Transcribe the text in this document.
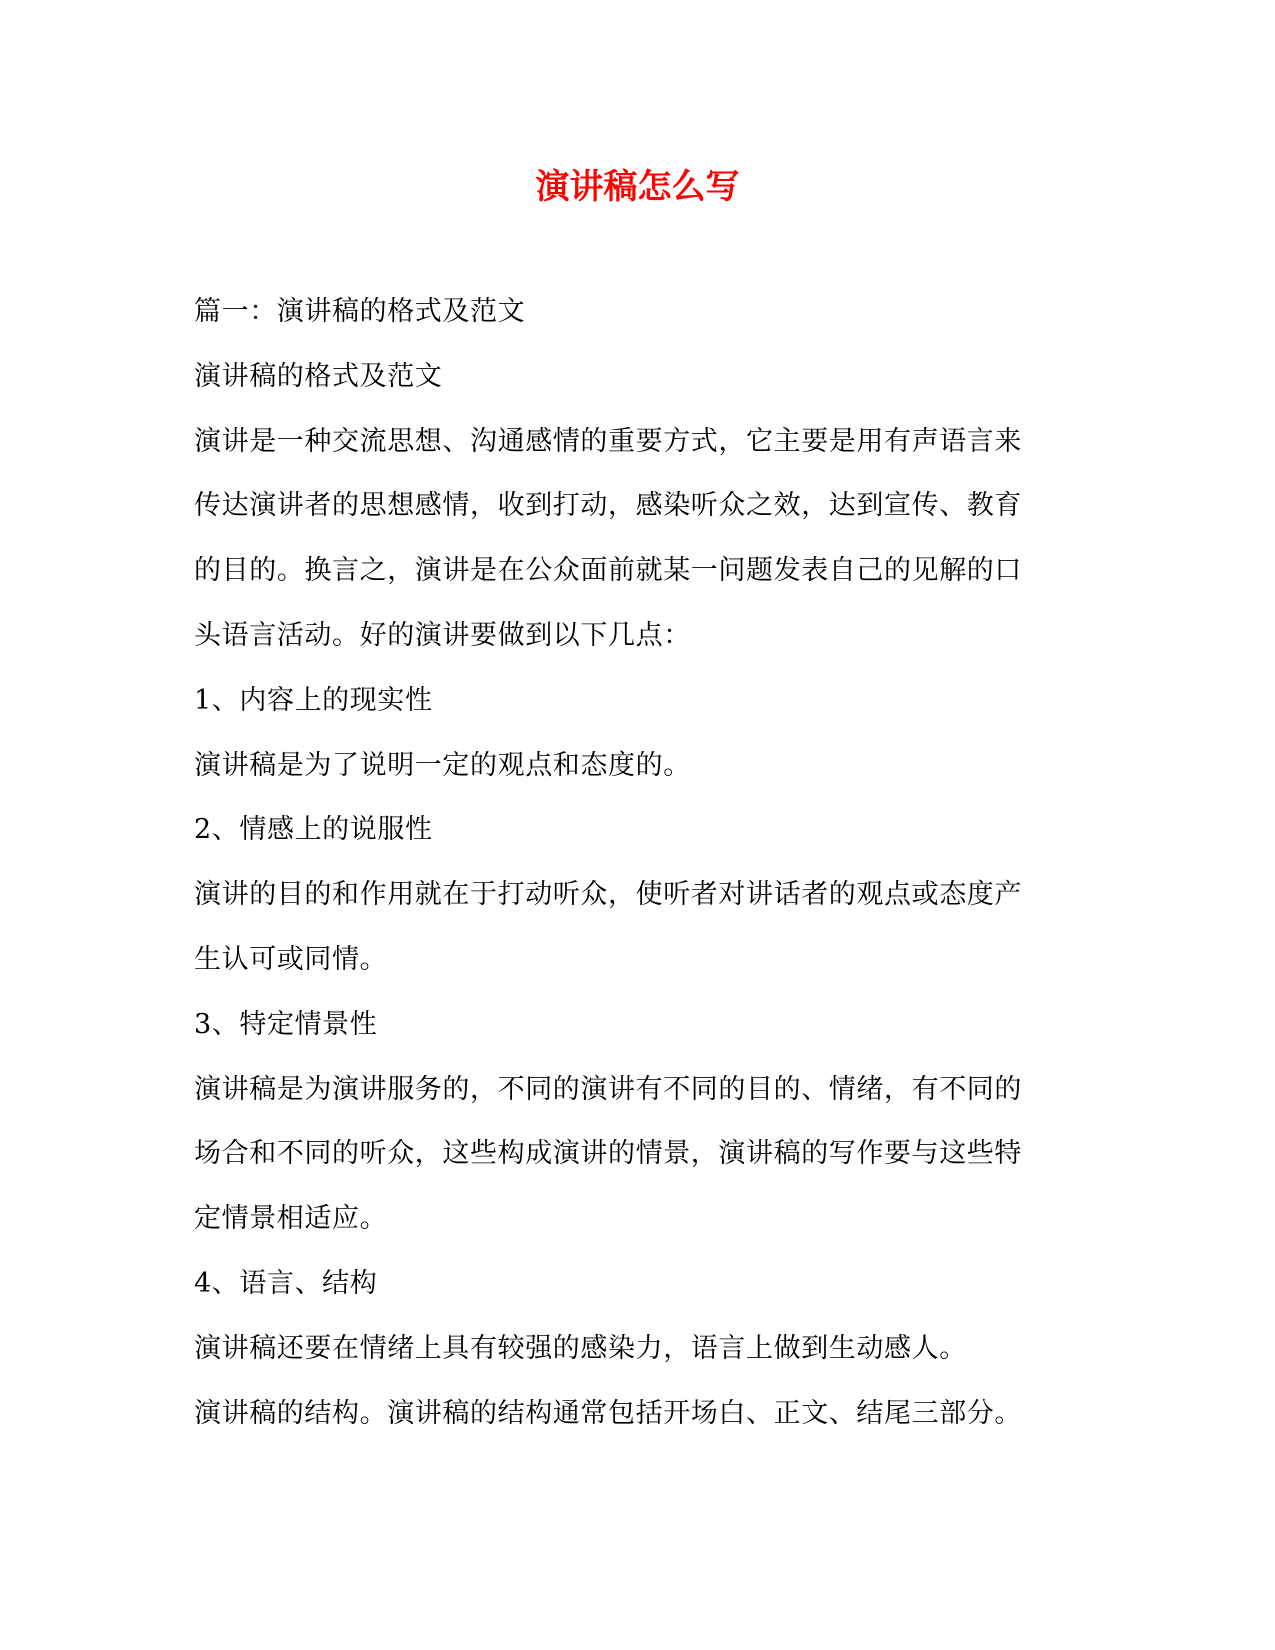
演讲稿怎么写
篇一：演讲稿的格式及范文
演讲稿的格式及范文
演讲是一种交流思想、沟通感情的重要方式，它主要是用有声语言来
传达演讲者的思想感情，收到打动，感染听众之效，达到宣传、教育
的目的。换言之，演讲是在公众面前就某一问题发表自己的见解的口
头语言活动。好的演讲要做到以下几点：
1、内容上的现实性
演讲稿是为了说明一定的观点和态度的。
2、情感上的说服性
演讲的目的和作用就在于打动听众，使听者对讲话者的观点或态度产
生认可或同情。
3、特定情景性
演讲稿是为演讲服务的，不同的演讲有不同的目的、情绪，有不同的
场合和不同的听众，这些构成演讲的情景，演讲稿的写作要与这些特
定情景相适应。
4、语言、结构
演讲稿还要在情绪上具有较强的感染力，语言上做到生动感人。
演讲稿的结构。演讲稿的结构通常包括开场白、正文、结尾三部分。
